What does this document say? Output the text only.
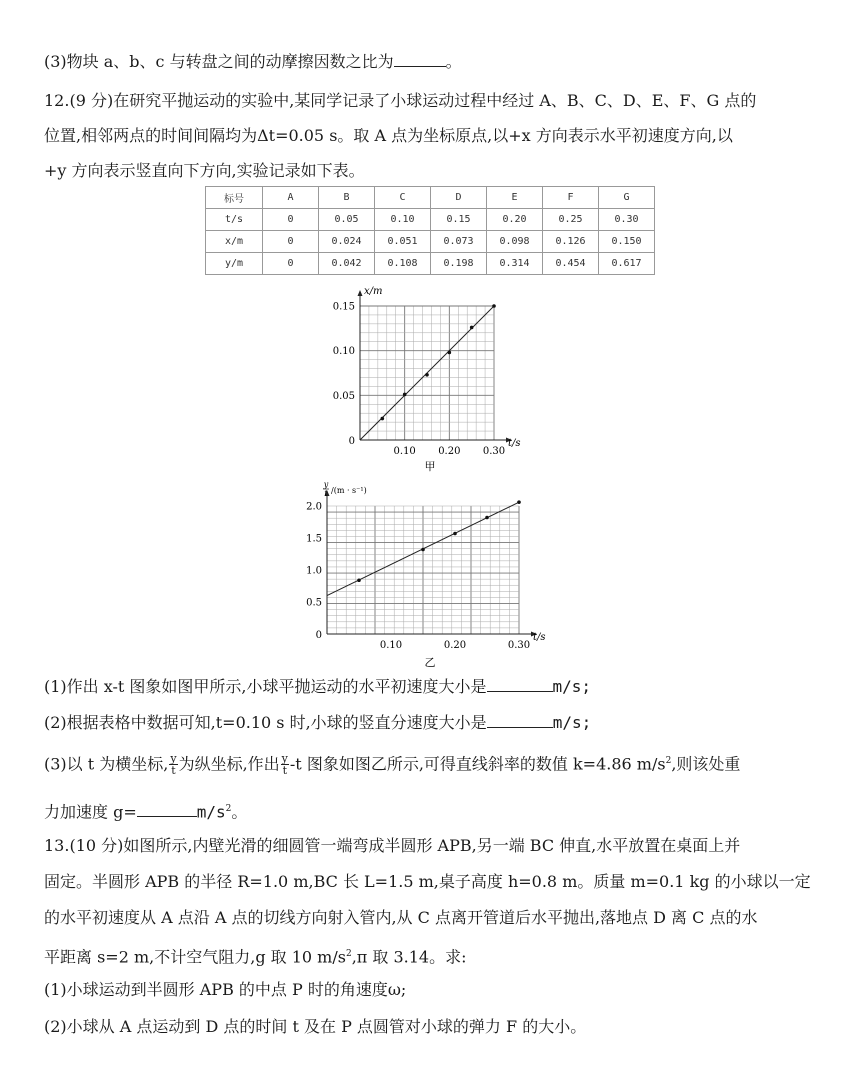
(3)物块 a、b、c 与转盘之间的动摩擦因数之比为	。
12.(9 分)在研究平抛运动的实验中,某同学记录了小球运动过程中经过 A、B、C、D、E、F、G 点的
位置,相邻两点的时间间隔均为Δt=0.05 s。取 A 点为坐标原点,以+x 方向表示水平初速度方向,以
+y 方向表示竖直向下方向,实验记录如下表。
标号	A	B	C	D	E	F	G
t/s	0	0.05	0.10	0.15	0.20	0.25	0.30
x/m	0	0.024	0.051	0.073	0.098	0.126	0.150
y/m	0	0.042	0.108	0.198	0.314	0.454	0.617
0.10 0.20 0.30
0.05
0.10
0.15
0	t/s
x/m
甲
0.10	0.20	0.30
0.5
1.0
1.5
2.0
0	t/s
y
t /(m · s⁻¹)
乙
(1)作出 x-t 图象如图甲所示,小球平抛运动的水平初速度大小是	m/s;
(2)根据表格中数据可知,t=0.10 s 时,小球的竖直分速度大小是	m/s;
(3)以 t 为横坐标, $\frac{y}{t}$ 为纵坐标,作出 $\frac{y}{t} -t$ 图象如图乙所示,可得直线斜率的数值 k=4.86 $m/s^2$,则该处重
力加速度 g=	$m/s^2$。
13.(10 分)如图所示,内壁光滑的细圆管一端弯成半圆形 APB,另一端 BC 伸直,水平放置在桌面上并
固定。半圆形 APB 的半径 R=1.0 m,BC 长 L=1.5 m,桌子高度 h=0.8 m。质量 m=0.1 kg 的小球以一定
的水平初速度从 A 点沿 A 点的切线方向射入管内,从 C 点离开管道后水平抛出,落地点 D 离 C 点的水
平距离 s=2 m,不计空气阻力,g 取 10 $m/s^2,\pi$ 取 3.14。求:
(1)小球运动到半圆形 APB 的中点 P 时的角速度ω;
(2)小球从 A 点运动到 D 点的时间 t 及在 P 点圆管对小球的弹力 F 的大小。
